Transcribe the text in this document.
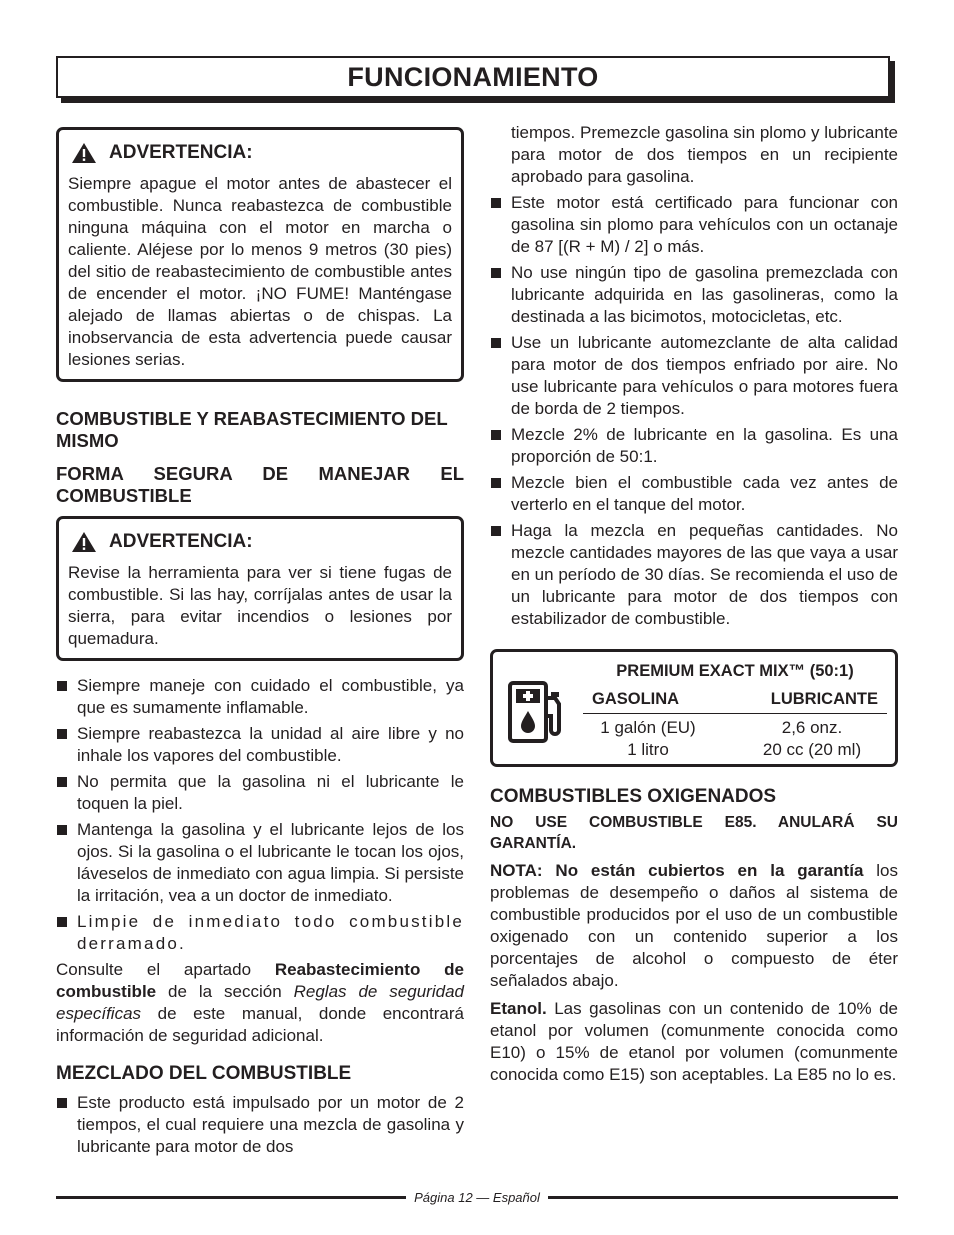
FUNCIONAMIENTO
ADVERTENCIA:

Siempre apague el motor antes de abastecer el combustible. Nunca reabastezca de combustible ninguna máquina con el motor en marcha o caliente. Aléjese por lo menos 9 metros (30 pies) del sitio de reabastecimiento de combustible antes de encender el motor. ¡NO FUME! Manténgase alejado de llamas abiertas o de chispas. La inobservancia de esta advertencia puede causar lesiones serias.

COMBUSTIBLE Y REABASTECIMIENTO DEL MISMO
FORMA SEGURA DE MANEJAR EL COMBUSTIBLE
ADVERTENCIA:

Revise la herramienta para ver si tiene fugas de combustible. Si las hay, corríjalas antes de usar la sierra, para evitar incendios o lesiones por quemadura.

Siempre maneje con cuidado el combustible, ya que es sumamente inflamable.
Siempre reabastezca la unidad al aire libre y no inhale los vapores del combustible.
No permita que la gasolina ni el lubricante le toquen la piel.
Mantenga la gasolina y el lubricante lejos de los ojos. Si la gasolina o el lubricante le tocan los ojos, láveselos de inmediato con agua limpia. Si persiste la irritación, vea a un doctor de inmediato.
Limpie de inmediato todo combustible derramado.

Consulte el apartado Reabastecimiento de combustible de la sección Reglas de seguridad específicas de este manual, donde encontrará información de seguridad adicional.

MEZCLADO DEL COMBUSTIBLE
Este producto está impulsado por un motor de 2 tiempos, el cual requiere una mezcla de gasolina y lubricante para motor de dos

tiempos. Premezcle gasolina sin plomo y lubricante para motor de dos tiempos en un recipiente aprobado para gasolina.

Este motor está certificado para funcionar con gasolina sin plomo para vehículos con un octanaje de 87 [(R + M) / 2] o más.
No use ningún tipo de gasolina premezclada con lubricante adquirida en las gasolineras, como la destinada a las bicimotos, motocicletas, etc.
Use un lubricante automezclante de alta calidad para motor de dos tiempos enfriado por aire. No use lubricante para vehículos o para motores fuera de borda de 2 tiempos.
Mezcle 2% de lubricante en la gasolina. Es una proporción de 50:1.
Mezcle bien el combustible cada vez antes de verterlo en el tanque del motor.
Haga la mezcla en pequeñas cantidades. No mezcle cantidades mayores de las que vaya a usar en un período de 30 días. Se recomienda el uso de un lubricante para motor de dos tiempos con estabilizador de combustible.
PREMIUM EXACT MIX™ (50:1)
GASOLINA	LUBRICANTE
1 galón (EU)
1 litro
2,6 onz.
20 cc (20 ml)
COMBUSTIBLES OXIGENADOS

NO USE COMBUSTIBLE E85. ANULARÁ SU GARANTÍA.

NOTA: No están cubiertos en la garantía los problemas de desempeño o daños al sistema de combustible producidos por el uso de un combustible oxigenado con un contenido superior a los porcentajes de alcohol o compuesto de éter señalados abajo.

Etanol. Las gasolinas con un contenido de 10% de etanol por volumen (comunmente conocida como E10) o 15% de etanol por volumen (comunmente conocida como E15) son aceptables. La E85 no lo es.

Página 12 — Español
